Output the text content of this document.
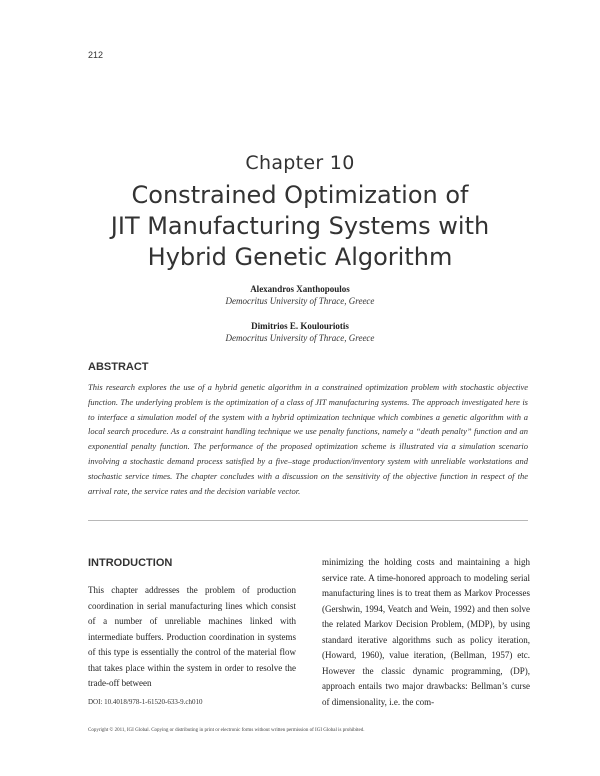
212
Chapter 10
Constrained Optimization of
JIT Manufacturing Systems with
Hybrid Genetic Algorithm
Alexandros Xanthopoulos
Democritus University of Thrace, Greece
Dimitrios E. Koulouriotis
Democritus University of Thrace, Greece
ABSTRACT
This research explores the use of a hybrid genetic algorithm in a constrained optimization problem with stochastic objective function. The underlying problem is the optimization of a class of JIT manufacturing systems. The approach investigated here is to interface a simulation model of the system with a hybrid optimization technique which combines a genetic algorithm with a local search procedure. As a constraint handling technique we use penalty functions, namely a “death penalty” function and an exponential penalty function. The performance of the proposed optimization scheme is illustrated via a simulation scenario involving a stochastic demand process satisfied by a five–stage production/inventory system with unreliable workstations and stochastic service times. The chapter concludes with a discussion on the sensitivity of the objective function in respect of the arrival rate, the service rates and the decision variable vector.
INTRODUCTION

This chapter addresses the problem of production coordination in serial manufacturing lines which consist of a number of unreliable machines linked with intermediate buffers. Production coordination in systems of this type is essentially the control of the material flow that takes place within the system in order to resolve the trade-off between

minimizing the holding costs and maintaining a high service rate. A time-honored approach to modeling serial manufacturing lines is to treat them as Markov Processes (Gershwin, 1994, Veatch and Wein, 1992) and then solve the related Markov Decision Problem, (MDP), by using standard iterative algorithms such as policy iteration, (Howard, 1960), value iteration, (Bellman, 1957) etc. However the classic dynamic programming, (DP), approach entails two major drawbacks: Bellman’s curse of dimensionality, i.e. the com-

DOI: 10.4018/978-1-61520-633-9.ch010
Copyright © 2011, IGI Global. Copying or distributing in print or electronic forms without written permission of IGI Global is prohibited.
